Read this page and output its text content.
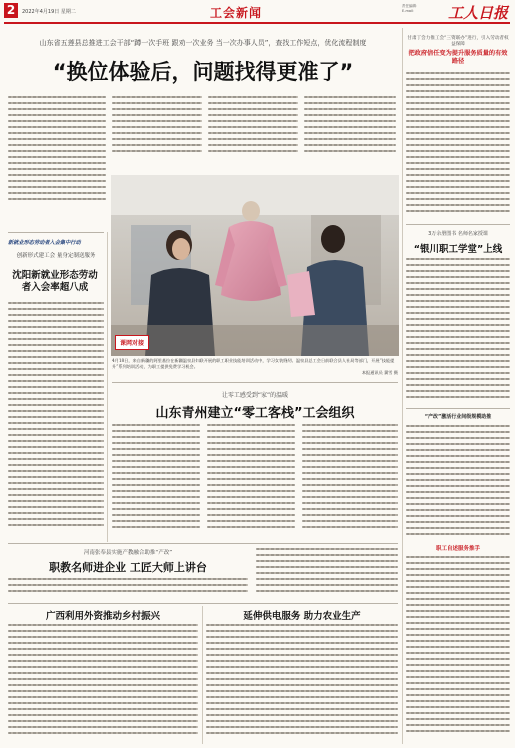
2	2022年4月19日 星期二	工会新闻	责任编辑：
E-mail： 工人日报
山东省五莲县总推进工会干部“蹲一次手班 跟劝一次业务 当一次办事人员”，查找工作短点，优化流程制度
“换位体验后，问题找得更准了”
新就业形态劳动者入会集中行动
创新形式建工会 量身定制送服务
沈阳新就业形态劳动者入会率超八成
课网对接
4月18日，来自新疆的阿里基拉在新疆温泉县妇联开展的职工职业技能培训活动中，学习女装缝纫。温泉县总工会日前联合县人社局等部门，开展“技能提升”系列培训活动，为职工提供免费学习机会。
本报通讯员 冀雪 摄
让零工感受到“家”的温暖
山东青州建立“零工客栈”工会组织
河南张奉县实施产教融合助推“产改”
职教名师进企业 工匠大师上讲台
广西利用外资推动乡村振兴	延伸供电服务 助力农业生产
甘肃丁会力推工会“三资联办”进行，引入劳动者权益保障
把政府信任变为提升服务质量的有效路径
3万余册图书 名师名家授课
“银川职工学堂”上线
“产改”激活行业间级规模助推
职工自述服务推手
